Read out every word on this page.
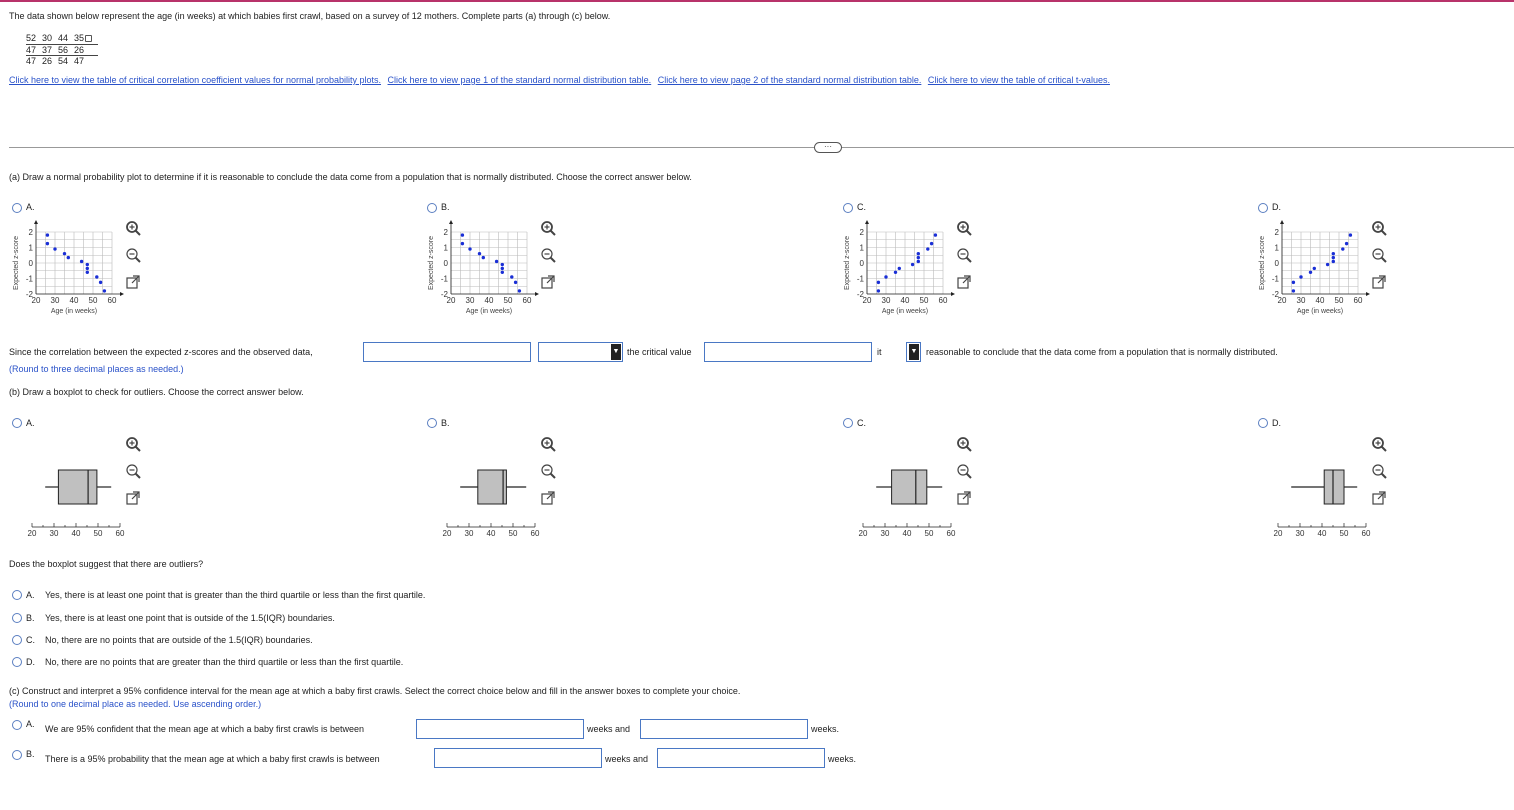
The data shown below represent the age (in weeks) at which babies first crawl, based on a survey of 12 mothers. Complete parts (a) through (c) below.
52	30	44	35
47	37	56	26
47	26	54	47
Click here to view the table of critical correlation coefficient values for normal probability plots. Click here to view page 1 of the standard normal distribution table. Click here to view page 2 of the standard normal distribution table. Click here to view the table of critical t-values.
···
(a) Draw a normal probability plot to determine if it is reasonable to conclude the data come from a population that is normally distributed. Choose the correct answer below.
A.
2
1
0
-1
-2
20 30 40 50 60
Age (in weeks)
Expected z-score
B.
2
1
0
-1
-2
20 30 40 50 60
Age (in weeks)
Expected z-score
C.
2
1
0
-1
-2
20 30 40 50 60
Age (in weeks)
Expected z-score
D.
2
1
0
-1
-2
20 30 40 50 60
Age (in weeks)
Expected z-score
Since the correlation between the expected z-scores and the observed data,	▼ the critical value	it	▼ reasonable to conclude that the data come from a population that is normally distributed.
(Round to three decimal places as needed.)
(b) Draw a boxplot to check for outliers. Choose the correct answer below.
A.
20 30 40 50 60
B.
20 30 40 50 60
C.
20 30 40 50 60
D.
20 30 40 50 60
Does the boxplot suggest that there are outliers?
A. Yes, there is at least one point that is greater than the third quartile or less than the first quartile.
B. Yes, there is at least one point that is outside of the 1.5(IQR) boundaries.
C. No, there are no points that are outside of the 1.5(IQR) boundaries.
D. No, there are no points that are greater than the third quartile or less than the first quartile.
(c) Construct and interpret a 95% confidence interval for the mean age at which a baby first crawls. Select the correct choice below and fill in the answer boxes to complete your choice.
(Round to one decimal place as needed. Use ascending order.)
A. We are 95% confident that the mean age at which a baby first crawls is between	weeks and	weeks.
B. There is a 95% probability that the mean age at which a baby first crawls is between	weeks and	weeks.
